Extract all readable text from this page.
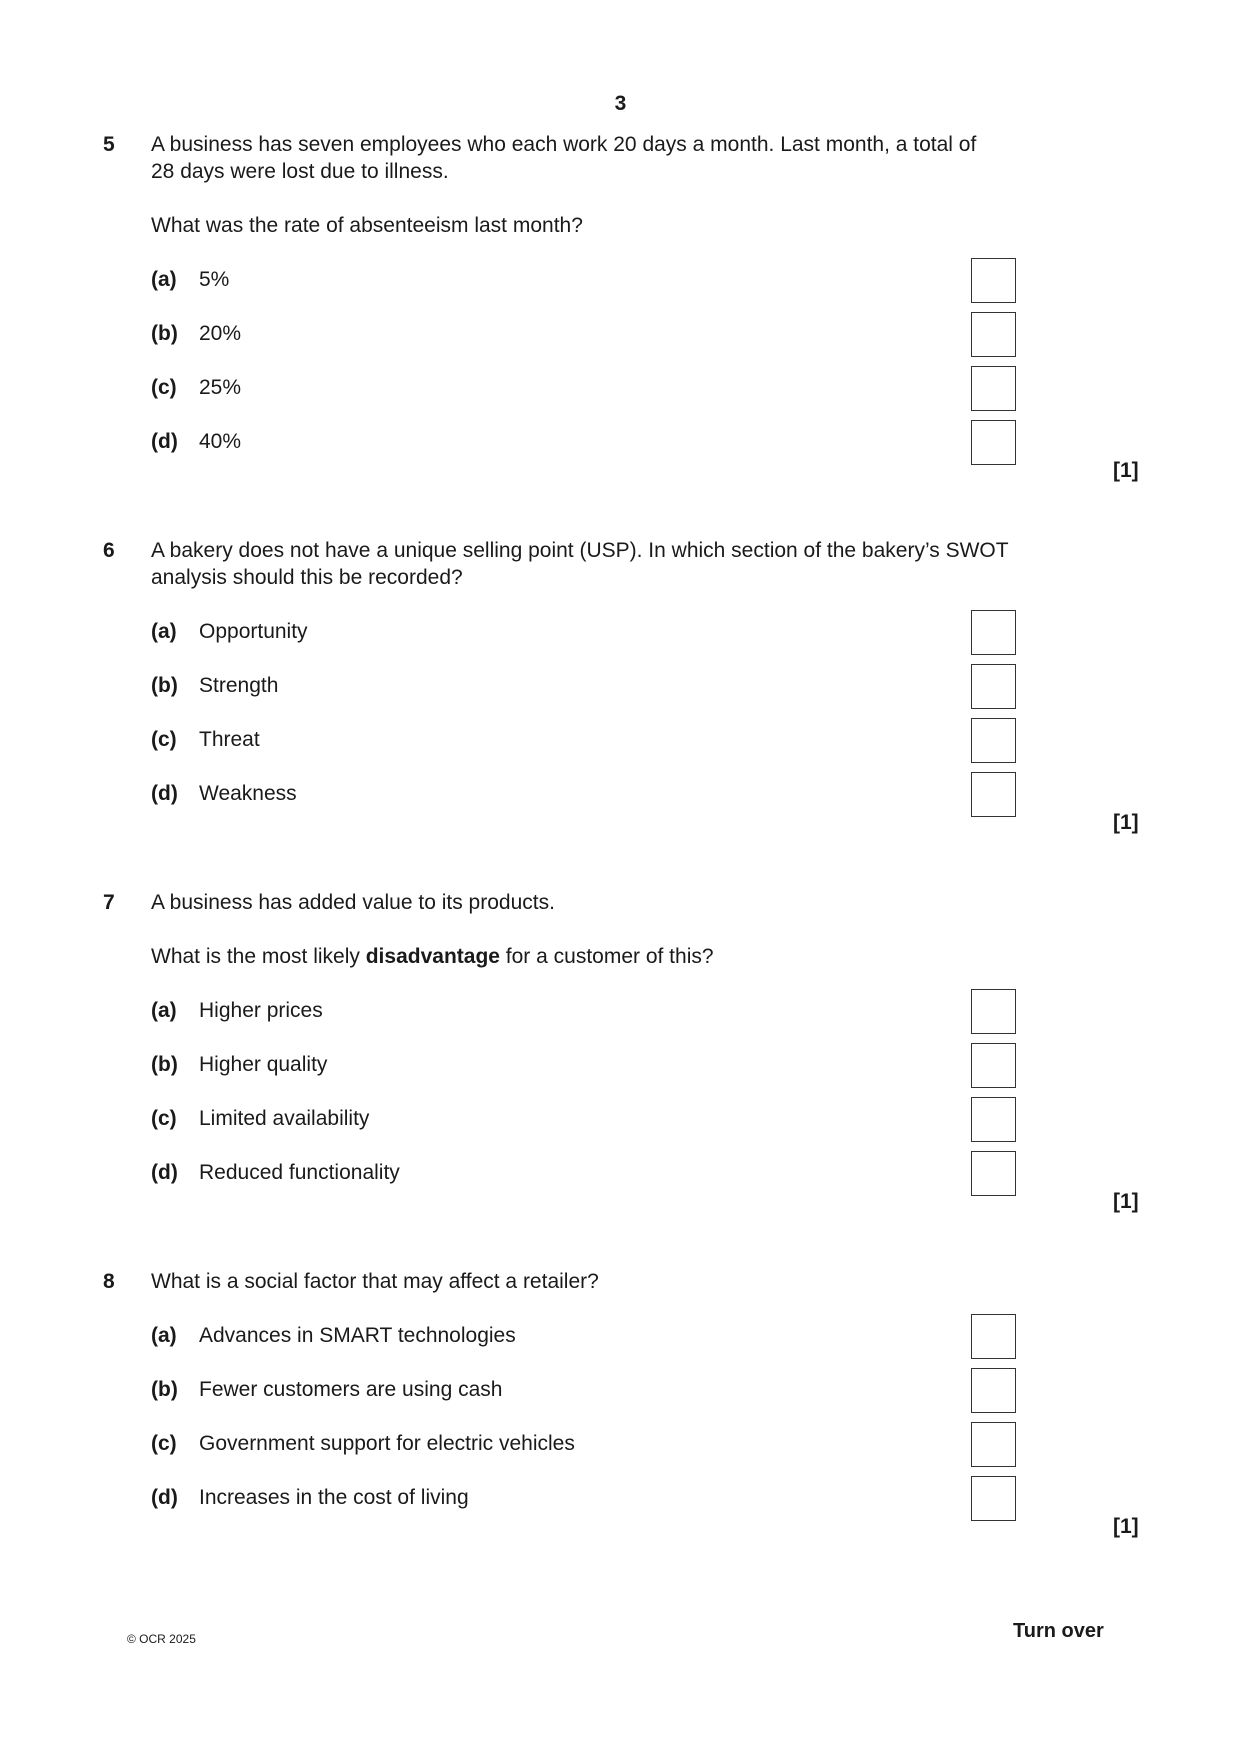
3
5 A business has seven employees who each work 20 days a month. Last month, a total of
28 days were lost due to illness.
What was the rate of absenteeism last month?
(a) 5%
(b) 20%
(c) 25%
(d) 40%
[1]
6 A bakery does not have a unique selling point (USP). In which section of the bakery’s SWOT
analysis should this be recorded?
(a) Opportunity
(b) Strength
(c) Threat
(d) Weakness
[1]
7 A business has added value to its products.
What is the most likely disadvantage for a customer of this?
(a) Higher prices
(b) Higher quality
(c) Limited availability
(d) Reduced functionality
[1]
8 What is a social factor that may affect a retailer?
(a) Advances in SMART technologies
(b) Fewer customers are using cash
(c) Government support for electric vehicles
(d) Increases in the cost of living
[1]
© OCR 2025	Turn over
